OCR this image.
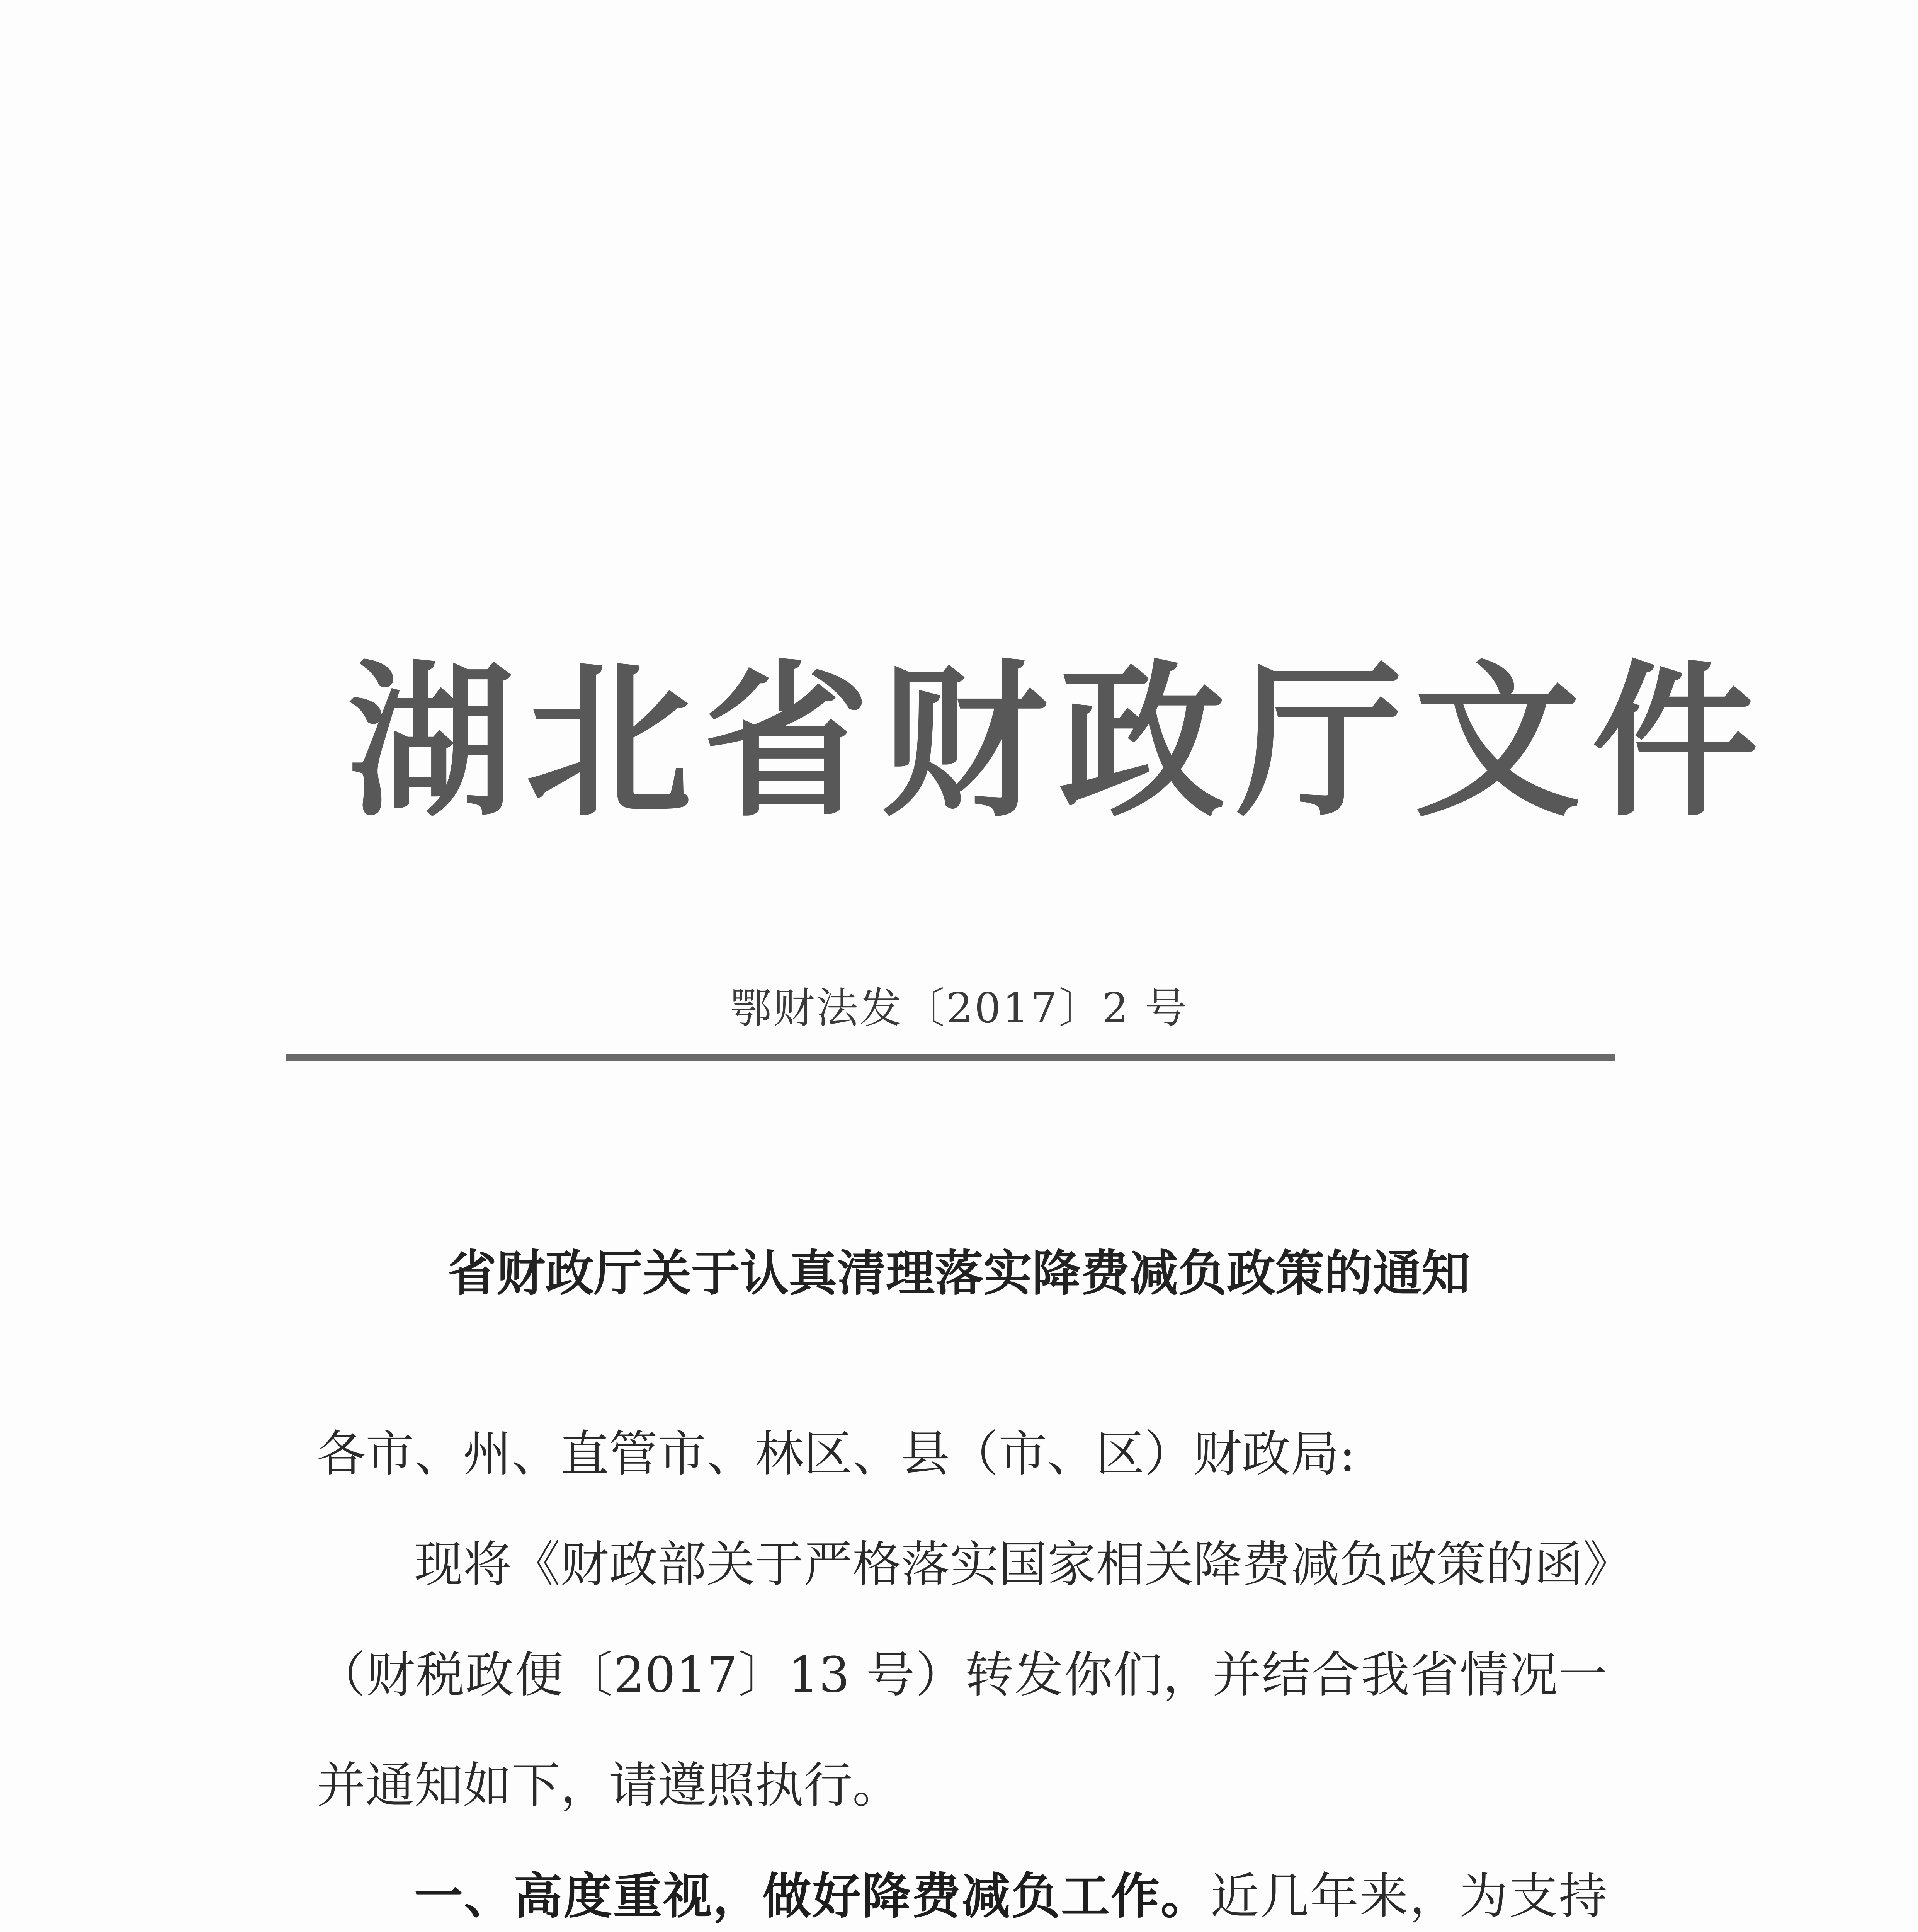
湖北省财政厅文件
鄂财法发〔2017〕2 号
省财政厅关于认真清理落实降费减负政策的通知

各市、州、直管市、林区、县（市、区）财政局:

现将《财政部关于严格落实国家相关降费减负政策的函》（财税政便〔2017〕13 号）转发你们，并结合我省情况一并通知如下，请遵照执行。

一、高度重视，做好降费减负工作。近几年来，为支持
